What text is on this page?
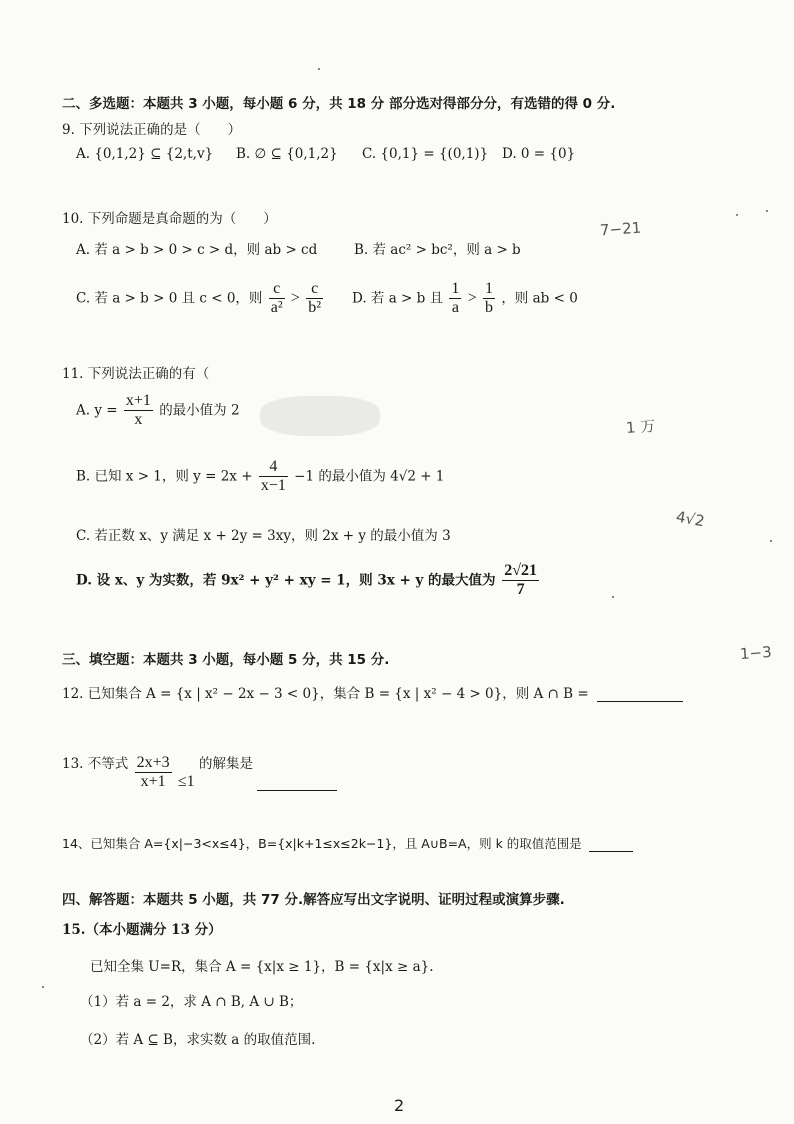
二、多选题：本题共 3 小题，每小题 6 分，共 18 分 部分选对得部分分，有选错的得 0 分.
9. 下列说法正确的是（　　）
A. {0,1,2} ⊆ {2,t,v} B. ∅ ⊆ {0,1,2} C. {0,1} = {(0,1)} D. 0 = {0}
10. 下列命题是真命题的为（　　）
A. 若 a > b > 0 > c > d，则 ab > cd	B. 若 ac² > bc²，则 a > b
C. 若 a > b > 0 且 c < 0，则 $\frac{c}{\text{a²}} > \frac{c}{\text{b²}} D$. 若 a > b 且 $\frac{1}{a} > \frac{1}{b}$ ，则 ab < 0
11. 下列说法正确的有（
A. $y = \frac{x+1}{x}$ 的最小值为 2
B. 已知 x > 1，则 $y = 2x + \frac{4}{x-1} -1$ 的最小值为 4√2 + 1
C. 若正数 x、y 满足 x + 2y = 3xy，则 2x + y 的最小值为 3
D. 设 x、y 为实数，若 9x² + y² + xy = 1，则 3x + y 的最大值为 $\frac{2√21}{7}$
三、填空题：本题共 3 小题，每小题 5 分，共 15 分.
12. 已知集合 A = {x | x² − 2x − 3 < 0}，集合 B = {x | x² − 4 > 0}，则 A ∩ B =
13. 不等式 $\frac{2x+3}{x+1} \le 1$ 的解集是
14、已知集合 A={x|−3<x≤4}，B={x|k+1≤x≤2k−1}，且 A∪B=A，则 k 的取值范围是
四、解答题：本题共 5 小题，共 77 分.解答应写出文字说明、证明过程或演算步骤.
15.（本小题满分 13 分）
已知全集 U=R，集合 A = {x|x ≥ 1}，B = {x|x ≥ a}.
（1）若 a = 2，求 A ∩ B, A ∪ B；
（2）若 A ⊆ B，求实数 a 的取值范围.
2
7−21
1 万
4√2
1−3
